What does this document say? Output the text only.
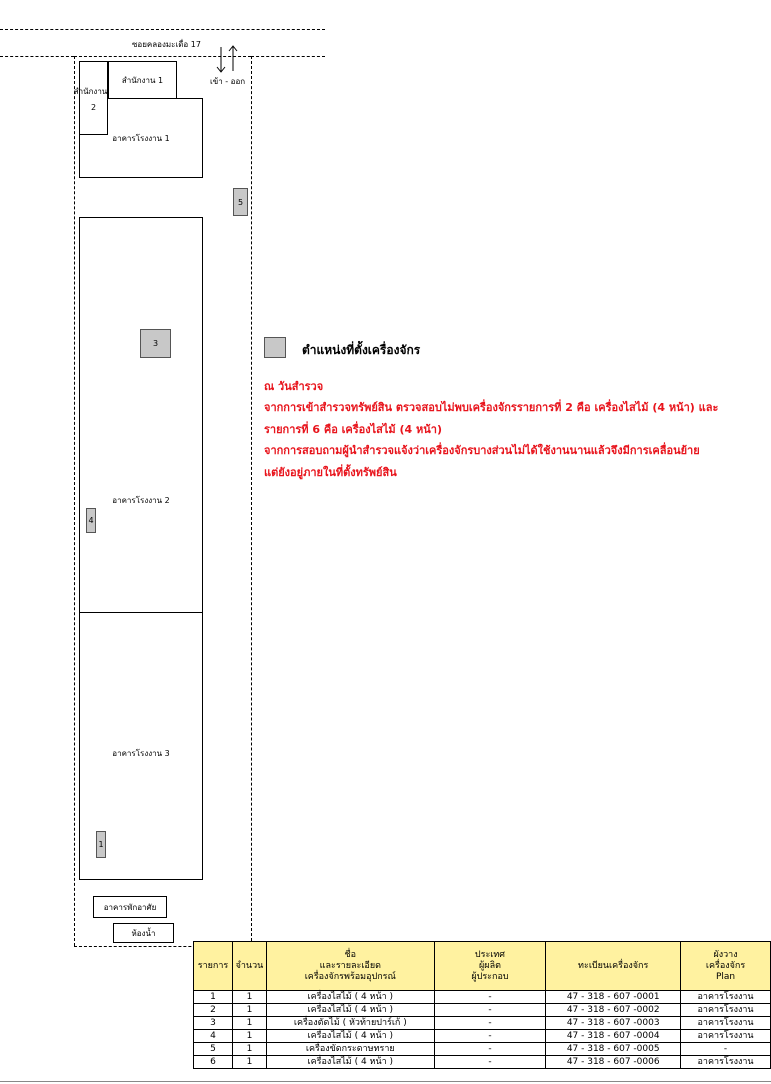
ซอยคลองมะเดื่อ 17
เข้า - ออก
สำนักงาน 1
อาคารโรงงาน 1
สำนักงาน
2
อาคารโรงงาน 2
อาคารโรงงาน 3
อาคารพักอาศัย
ห้องน้ำ
5
3
4
1
ตำแหน่งที่ตั้งเครื่องจักร
ณ วันสำรวจ
จากการเข้าสำรวจทรัพย์สิน ตรวจสอบไม่พบเครื่องจักรรายการที่ 2 คือ เครื่องไสไม้ (4 หน้า) และ
รายการที่ 6 คือ เครื่องไสไม้ (4 หน้า)
จากการสอบถามผู้นำสำรวจแจ้งว่าเครื่องจักรบางส่วนไม่ได้ใช้งานนานแล้วจึงมีการเคลื่อนย้าย
แต่ยังอยู่ภายในที่ตั้งทรัพย์สิน
รายการ	จำนวน	ชื่อ
และรายละเอียด
เครื่องจักรพร้อมอุปกรณ์	ประเทศ
ผู้ผลิต
ผู้ประกอบ	ทะเบียนเครื่องจักร	ผังวาง
เครื่องจักร
Plan

1	1	เครื่องไสไม้ ( 4 หน้า )	-	47 - 318 - 607 -0001	อาคารโรงงาน
2	1	เครื่องไสไม้ ( 4 หน้า )	-	47 - 318 - 607 -0002	อาคารโรงงาน
3	1	เครื่องตัดไม้ ( หัวท้ายปาร์เก้ )	-	47 - 318 - 607 -0003	อาคารโรงงาน
4	1	เครื่องไสไม้ ( 4 หน้า )	-	47 - 318 - 607 -0004	อาคารโรงงาน
5	1	เครื่องขัดกระดาษทราย	-	47 - 318 - 607 -0005	-
6	1	เครื่องไสไม้ ( 4 หน้า )	-	47 - 318 - 607 -0006	อาคารโรงงาน
